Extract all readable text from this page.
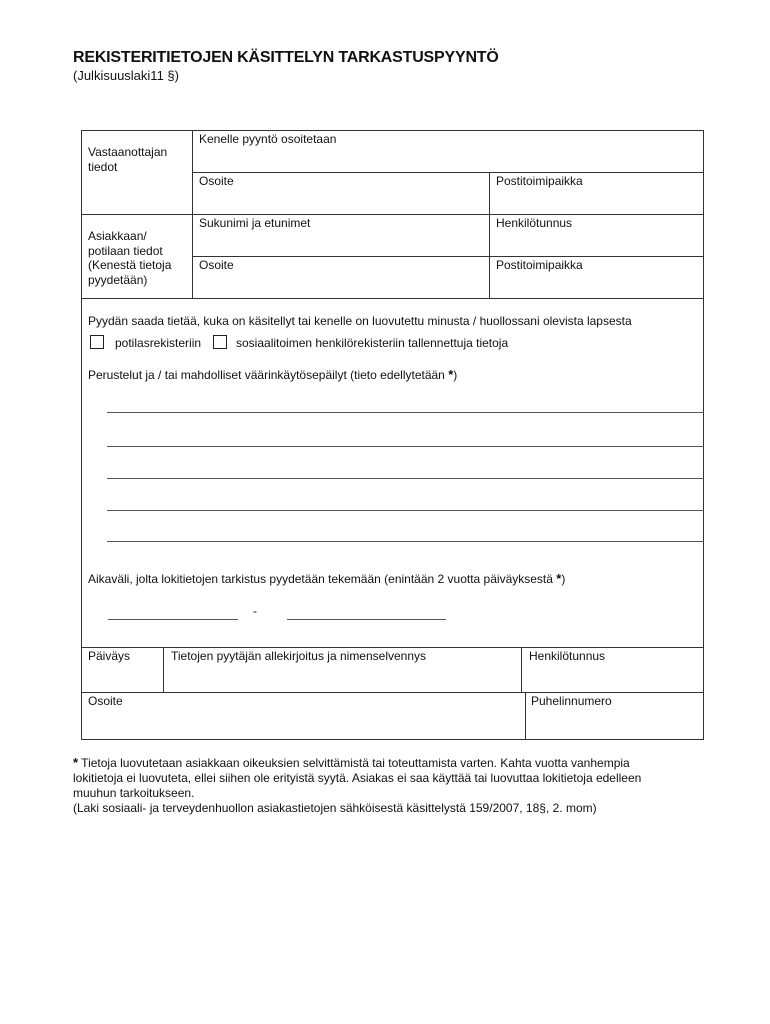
REKISTERITIETOJEN KÄSITTELYN TARKASTUSPYYNTÖ
(Julkisuuslaki11 §)
Vastaanottajan
tiedot
Kenelle pyyntö osoitetaan
Osoite	Postitoimipaikka
Asiakkaan/
potilaan tiedot
(Kenestä tietoja
pyydetään)
Sukunimi ja etunimet	Henkilötunnus
Osoite	Postitoimipaikka
Pyydän saada tietää, kuka on käsitellyt tai kenelle on luovutettu minusta / huollossani olevista lapsesta
potilasrekisteriin	sosiaalitoimen henkilörekisteriin tallennettuja tietoja
Perustelut ja / tai mahdolliset väärinkäytösepäilyt (tieto edellytetään *)
Aikaväli, jolta lokitietojen tarkistus pyydetään tekemään (enintään 2 vuotta päiväyksestä *)
-
Päiväys	Tietojen pyytäjän allekirjoitus ja nimenselvennys	Henkilötunnus
Osoite	Puhelinnumero
* Tietoja luovutetaan asiakkaan oikeuksien selvittämistä tai toteuttamista varten. Kahta vuotta vanhempia
lokitietoja ei luovuteta, ellei siihen ole erityistä syytä. Asiakas ei saa käyttää tai luovuttaa lokitietoja edelleen
muuhun tarkoitukseen.
(Laki sosiaali- ja terveydenhuollon asiakastietojen sähköisestä käsittelystä 159/2007, 18§, 2. mom)
